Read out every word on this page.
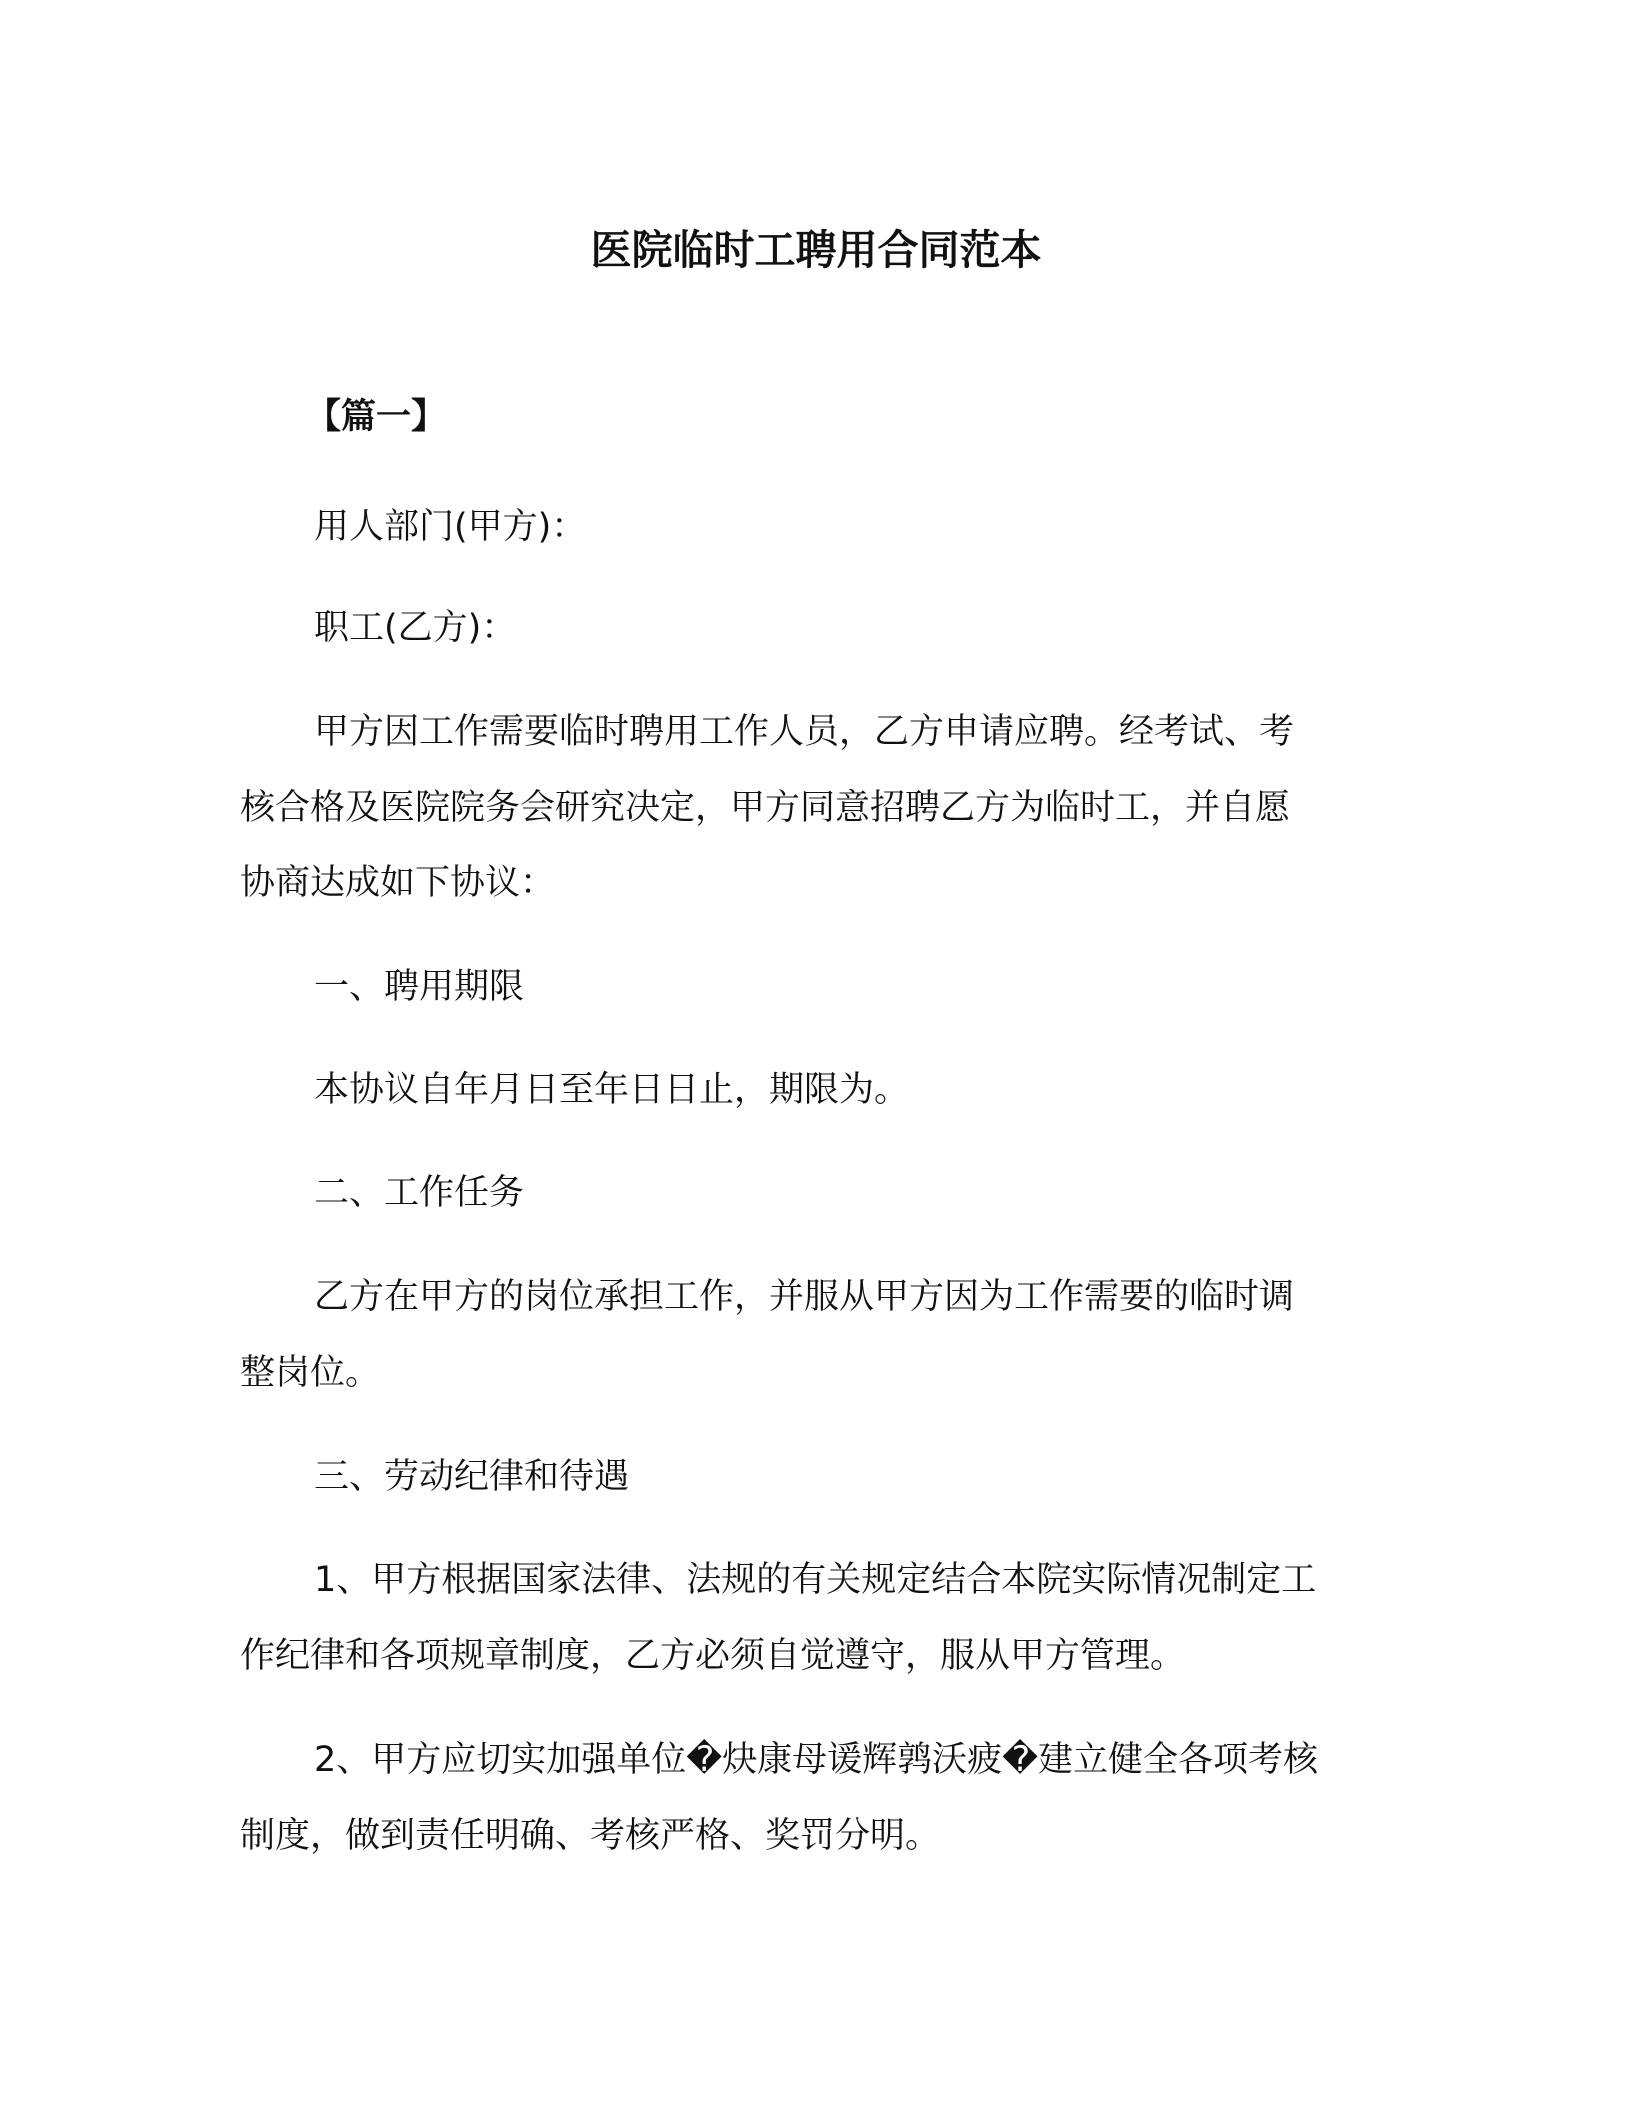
医院临时工聘用合同范本

【篇一】

用人部门(甲方)：

职工(乙方)：

甲方因工作需要临时聘用工作人员，乙方申请应聘。经考试、考

核合格及医院院务会研究决定，甲方同意招聘乙方为临时工，并自愿

协商达成如下协议：

一、聘用期限

本协议自年月日至年日日止，期限为。

二、工作任务

乙方在甲方的岗位承担工作，并服从甲方因为工作需要的临时调

整岗位。

三、劳动纪律和待遇

1、甲方根据国家法律、法规的有关规定结合本院实际情况制定工

作纪律和各项规章制度，乙方必须自觉遵守，服从甲方管理。

2、甲方应切实加强单位�炔康母谖辉鹑沃疲�建立健全各项考核

制度，做到责任明确、考核严格、奖罚分明。
